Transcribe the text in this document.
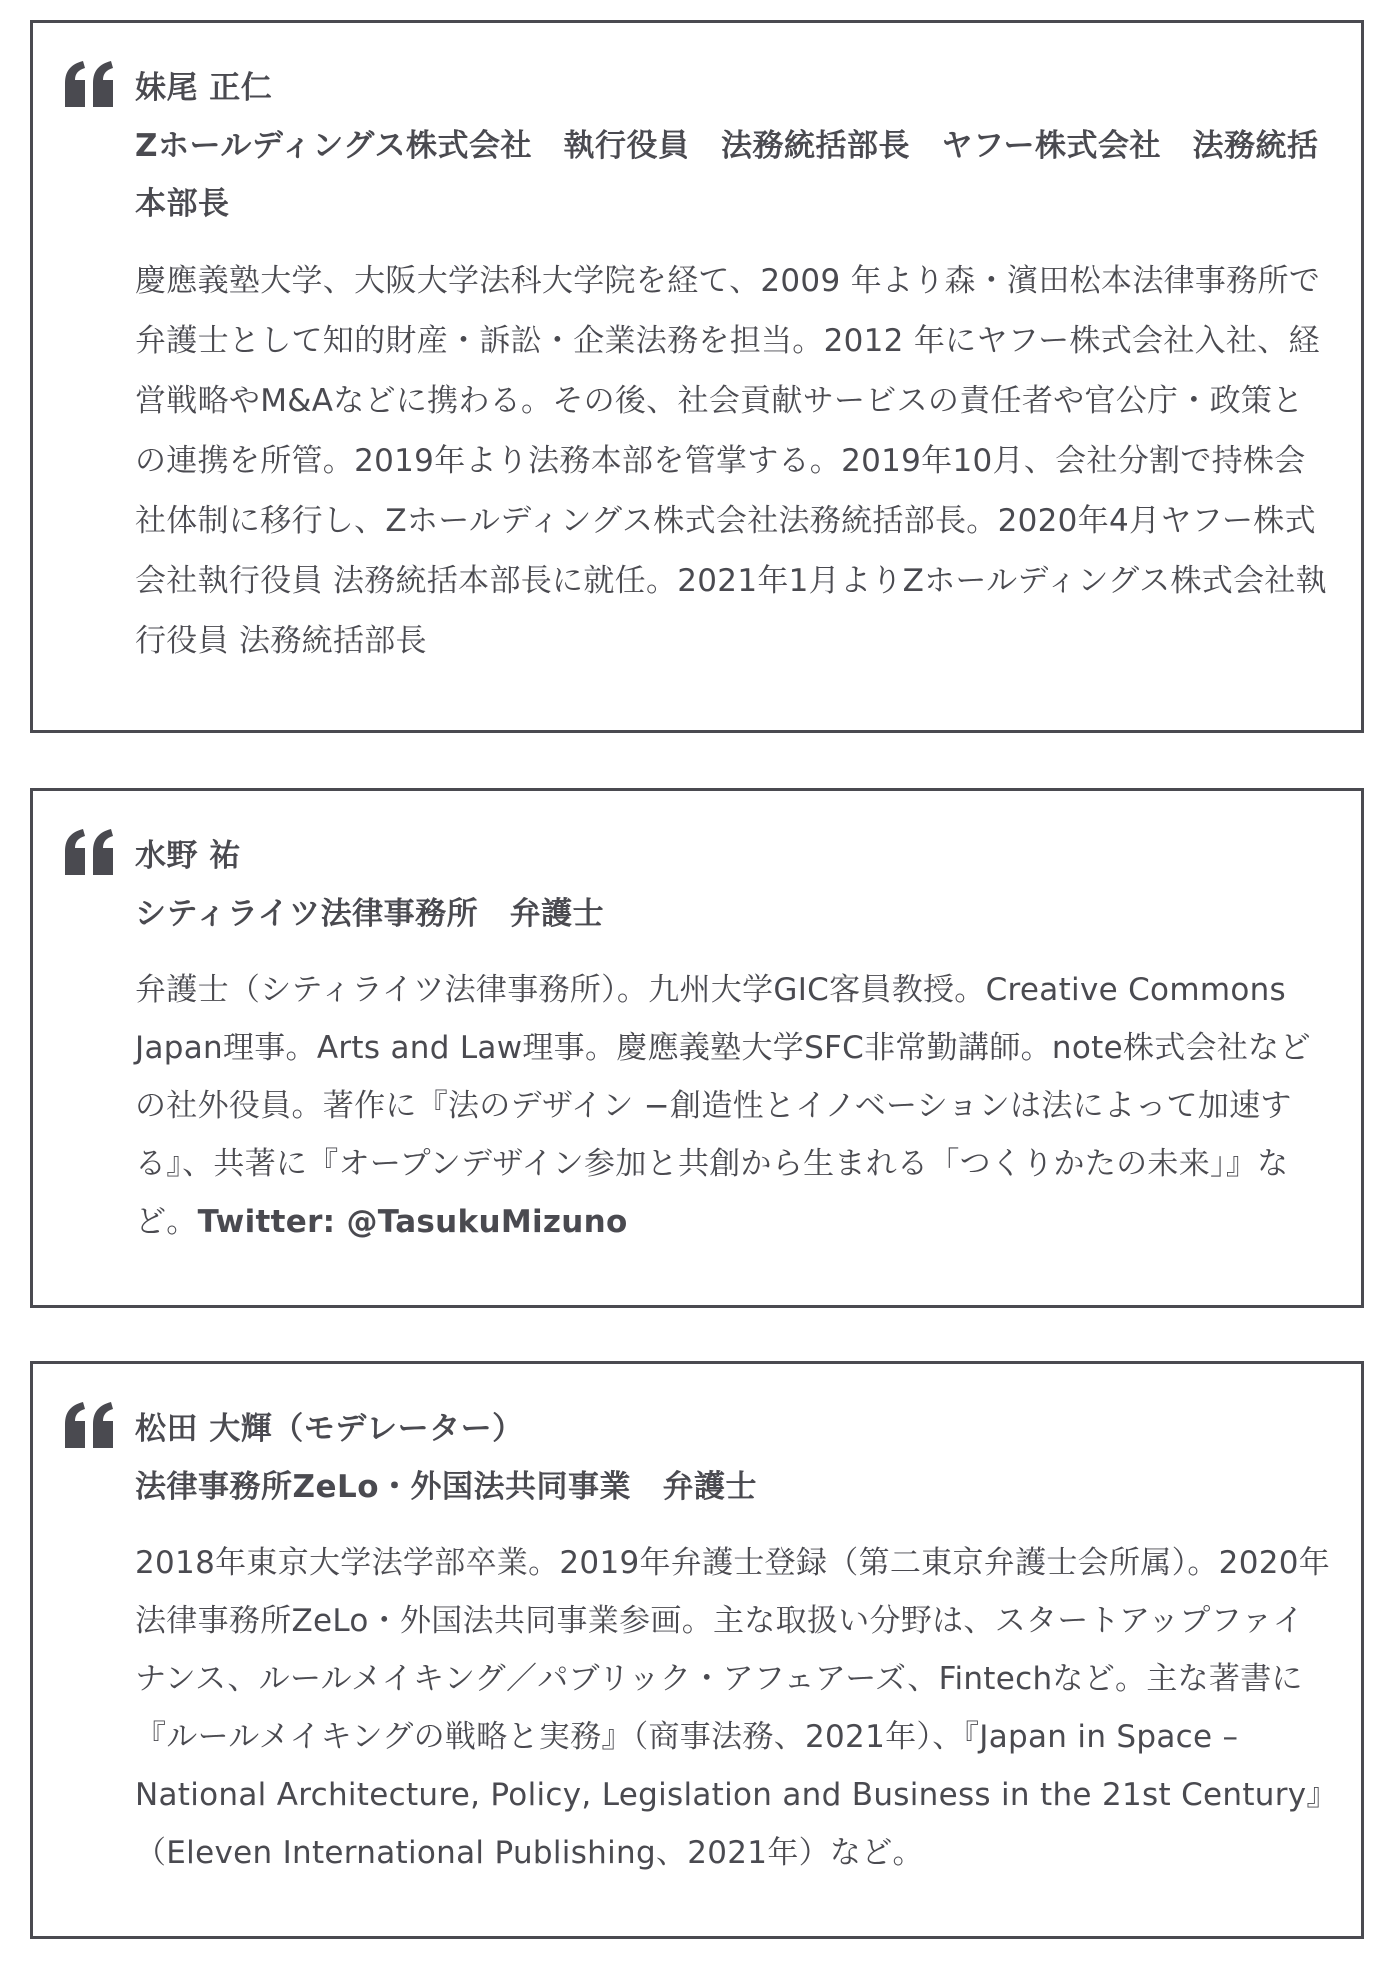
妹尾 正仁
Zホールディングス株式会社　執行役員　法務統括部長　ヤフー株式会社　法務統括本部長
慶應義塾大学、大阪大学法科大学院を経て、2009 年より森・濱田松本法律事務所で弁護士として知的財産・訴訟・企業法務を担当。2012 年にヤフー株式会社入社、経営戦略やM&Aなどに携わる。その後、社会貢献サービスの責任者や官公庁・政策との連携を所管。2019年より法務本部を管掌する。2019年10月、会社分割で持株会社体制に移行し、Zホールディングス株式会社法務統括部長。2020年4月ヤフー株式会社執行役員 法務統括本部長に就任。2021年1月よりZホールディングス株式会社執行役員 法務統括部長
水野 祐
シティライツ法律事務所　弁護士
弁護士（シティライツ法律事務所）。九州大学GIC客員教授。Creative Commons Japan理事。Arts and Law理事。慶應義塾大学SFC非常勤講師。note株式会社などの社外役員。著作に『法のデザイン −創造性とイノベーションは法によって加速する』、共著に『オープンデザイン参加と共創から生まれる「つくりかたの未来」』など。Twitter: @TasukuMizuno
松田 大輝（モデレーター）
法律事務所ZeLo・外国法共同事業　弁護士
2018年東京大学法学部卒業。2019年弁護士登録（第二東京弁護士会所属）。2020年法律事務所ZeLo・外国法共同事業参画。主な取扱い分野は、スタートアップファイナンス、ルールメイキング／パブリック・アフェアーズ、Fintechなど。主な著書に『ルールメイキングの戦略と実務』（商事法務、2021年）、『Japan in Space – National Architecture, Policy, Legislation and Business in the 21st Century』（Eleven International Publishing、2021年）など。
